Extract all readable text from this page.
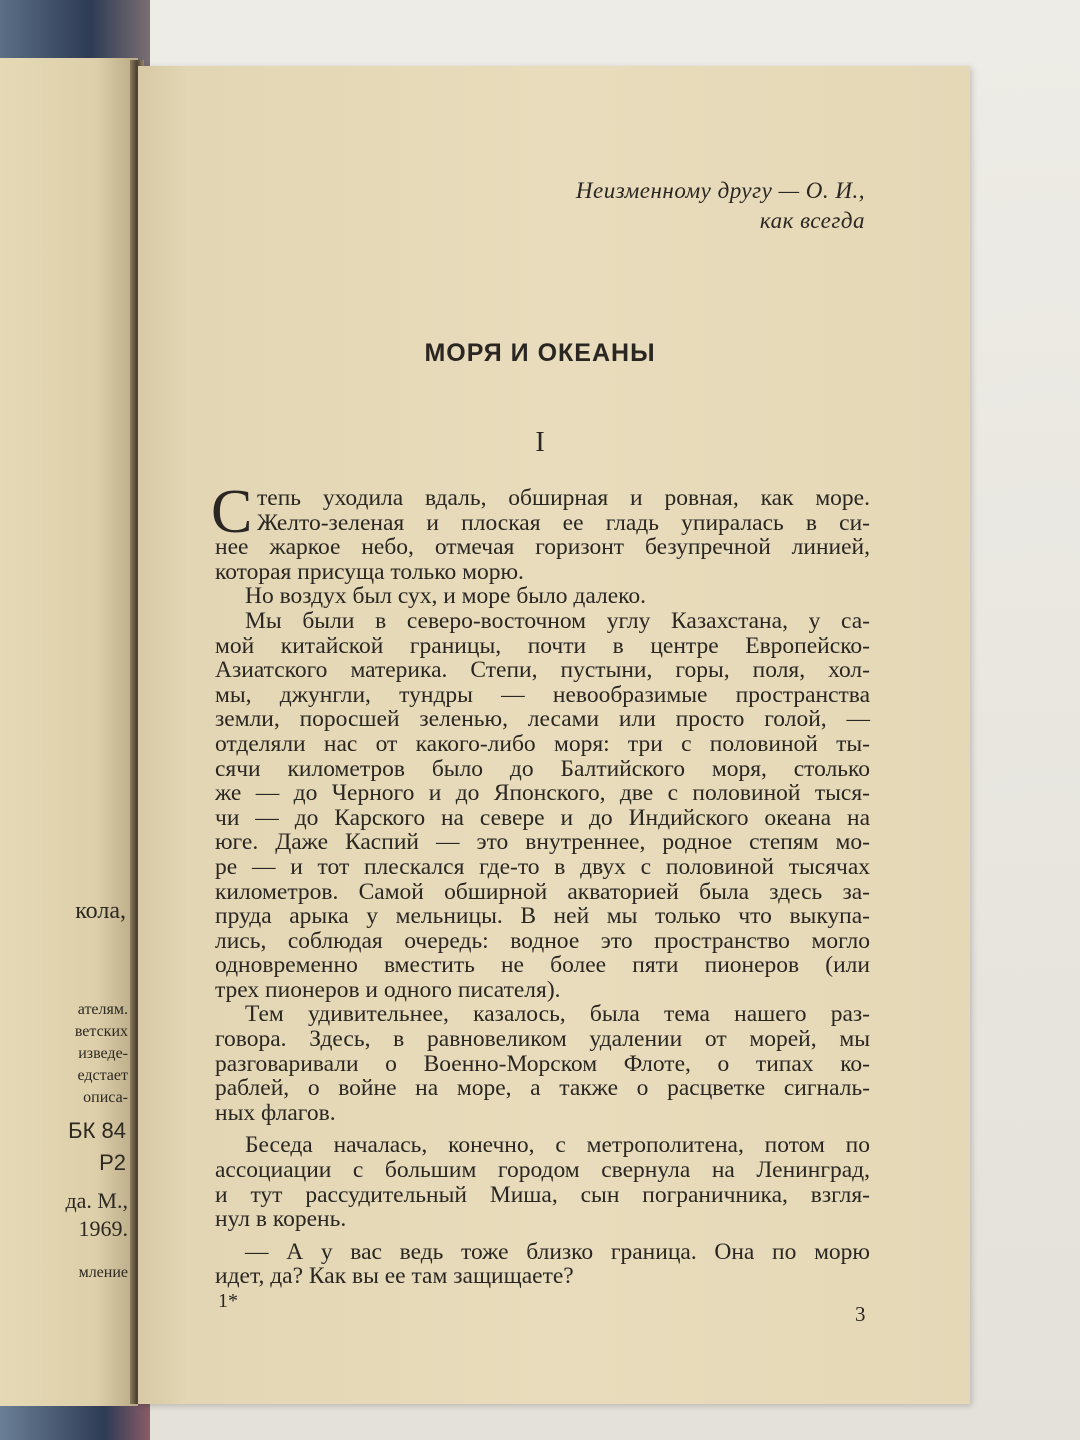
кола,
ателям.
ветских
изведе-
едстает
описа-
БК 84
Р2
да. М.,
1969.
мление
Неизменному другу — О. И.,
как всегда
МОРЯ И ОКЕАНЫ
I
С тепь уходила вдаль, обширная и ровная, как море.
Желто-зеленая и плоская ее гладь упиралась в си-
нее жаркое небо, отмечая горизонт безупречной линией,
которая присуща только морю.
Но воздух был сух, и море было далеко.
Мы были в северо-восточном углу Казахстана, у са-
мой китайской границы, почти в центре Европейско-
Азиатского материка. Степи, пустыни, горы, поля, хол-
мы, джунгли, тундры — невообразимые пространства
земли, поросшей зеленью, лесами или просто голой, —
отделяли нас от какого-либо моря: три с половиной ты-
сячи километров было до Балтийского моря, столько
же — до Черного и до Японского, две с половиной тыся-
чи — до Карского на севере и до Индийского океана на
юге. Даже Каспий — это внутреннее, родное степям мо-
ре — и тот плескался где-то в двух с половиной тысячах
километров. Самой обширной акваторией была здесь за-
пруда арыка у мельницы. В ней мы только что выкупа-
лись, соблюдая очередь: водное это пространство могло
одновременно вместить не более пяти пионеров (или
трех пионеров и одного писателя).
Тем удивительнее, казалось, была тема нашего раз-
говора. Здесь, в равновеликом удалении от морей, мы
разговаривали о Военно-Морском Флоте, о типах ко-
раблей, о войне на море, а также о расцветке сигналь-
ных флагов.
Беседа началась, конечно, с метрополитена, потом по
ассоциации с большим городом свернула на Ленинград,
и тут рассудительный Миша, сын пограничника, взгля-
нул в корень.
— А у вас ведь тоже близко граница. Она по морю
идет, да? Как вы ее там защищаете?
1*
3
